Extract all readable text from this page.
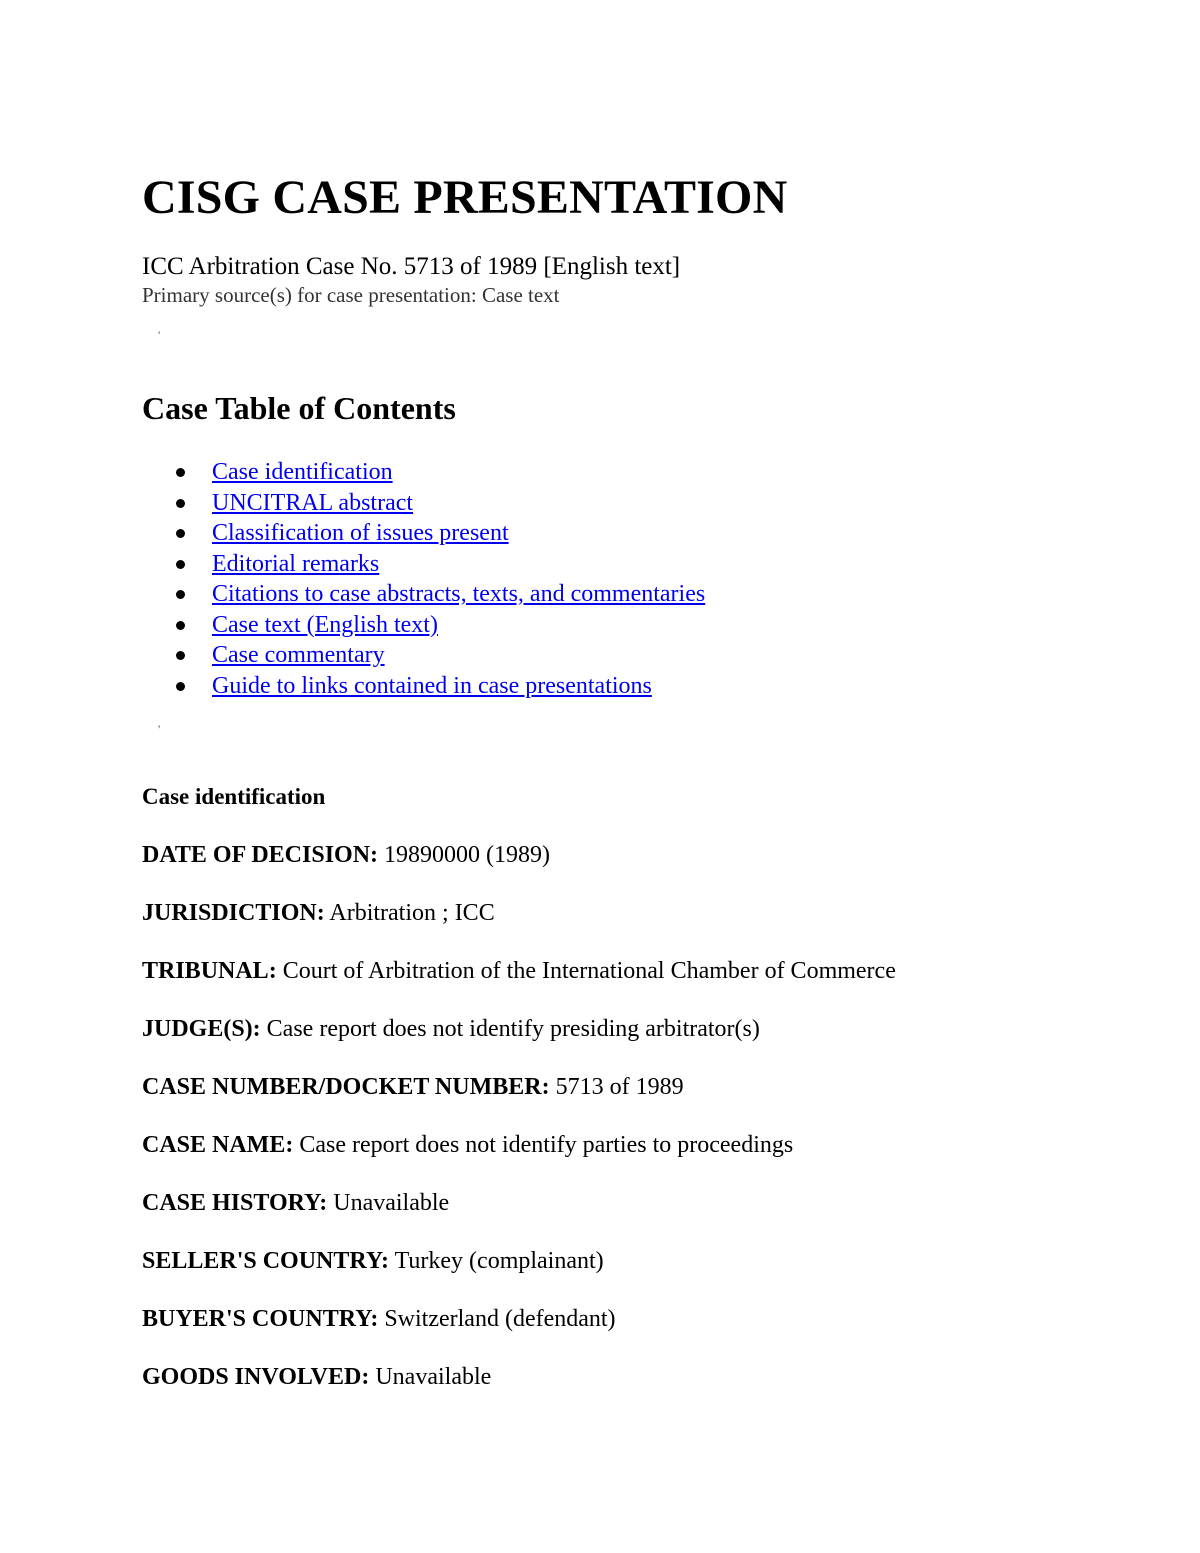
CISG CASE PRESENTATION
ICC Arbitration Case No. 5713 of 1989 [English text]
Primary source(s) for case presentation: Case text
'
Case Table of Contents
Case identification
UNCITRAL abstract
Classification of issues present
Editorial remarks
Citations to case abstracts, texts, and commentaries
Case text (English text)
Case commentary
Guide to links contained in case presentations
'
Case identification
DATE OF DECISION: 19890000 (1989)
JURISDICTION: Arbitration ; ICC
TRIBUNAL: Court of Arbitration of the International Chamber of Commerce
JUDGE(S): Case report does not identify presiding arbitrator(s)
CASE NUMBER/DOCKET NUMBER: 5713 of 1989
CASE NAME: Case report does not identify parties to proceedings
CASE HISTORY: Unavailable
SELLER'S COUNTRY: Turkey (complainant)
BUYER'S COUNTRY: Switzerland (defendant)
GOODS INVOLVED: Unavailable
